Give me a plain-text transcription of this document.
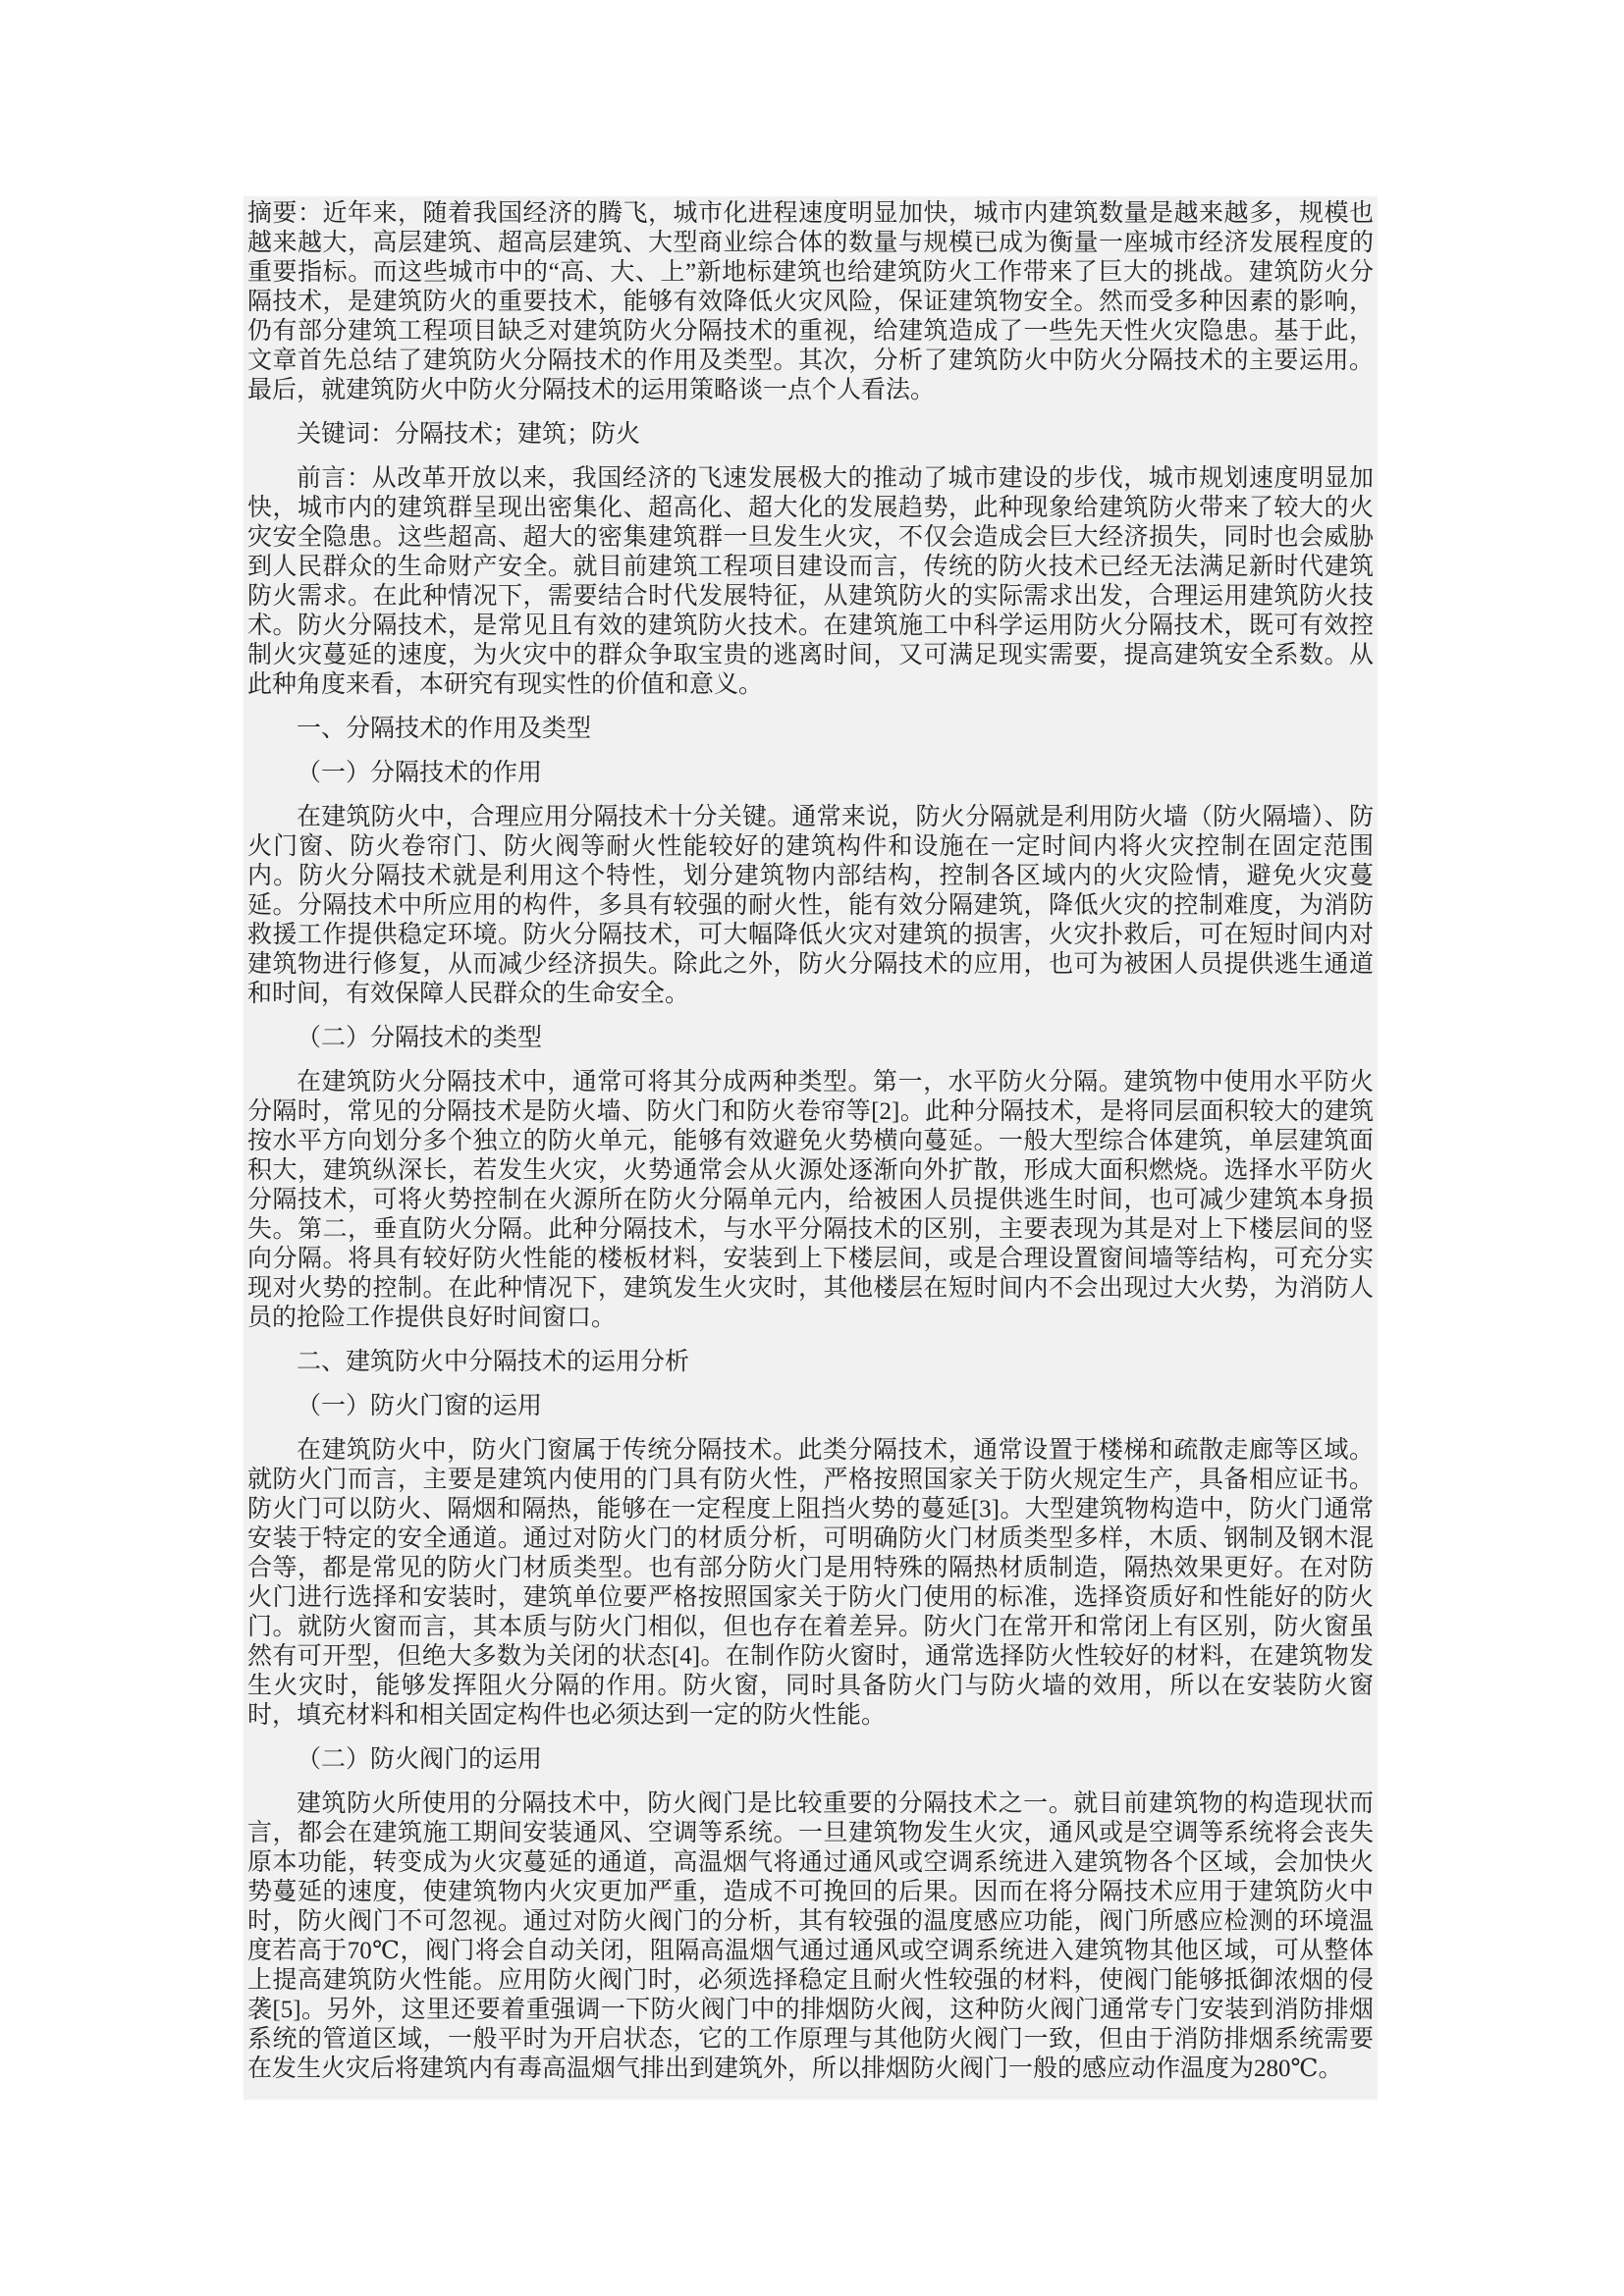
摘要：近年来，随着我国经济的腾飞，城市化进程速度明显加快，城市内建筑数量是越来越多，规模也越来越大，高层建筑、超高层建筑、大型商业综合体的数量与规模已成为衡量一座城市经济发展程度的重要指标。而这些城市中的“高、大、上”新地标建筑也给建筑防火工作带来了巨大的挑战。建筑防火分隔技术，是建筑防火的重要技术，能够有效降低火灾风险，保证建筑物安全。然而受多种因素的影响，仍有部分建筑工程项目缺乏对建筑防火分隔技术的重视，给建筑造成了一些先天性火灾隐患。基于此，文章首先总结了建筑防火分隔技术的作用及类型。其次，分析了建筑防火中防火分隔技术的主要运用。最后，就建筑防火中防火分隔技术的运用策略谈一点个人看法。

关键词：分隔技术；建筑；防火

前言：从改革开放以来，我国经济的飞速发展极大的推动了城市建设的步伐，城市规划速度明显加快，城市内的建筑群呈现出密集化、超高化、超大化的发展趋势，此种现象给建筑防火带来了较大的火灾安全隐患。这些超高、超大的密集建筑群一旦发生火灾，不仅会造成会巨大经济损失，同时也会威胁到人民群众的生命财产安全。就目前建筑工程项目建设而言，传统的防火技术已经无法满足新时代建筑防火需求。在此种情况下，需要结合时代发展特征，从建筑防火的实际需求出发，合理运用建筑防火技术。防火分隔技术，是常见且有效的建筑防火技术。在建筑施工中科学运用防火分隔技术，既可有效控制火灾蔓延的速度，为火灾中的群众争取宝贵的逃离时间，又可满足现实需要，提高建筑安全系数。从此种角度来看，本研究有现实性的价值和意义。

一、分隔技术的作用及类型

（一）分隔技术的作用

在建筑防火中，合理应用分隔技术十分关键。通常来说，防火分隔就是利用防火墙（防火隔墙）、防火门窗、防火卷帘门、防火阀等耐火性能较好的建筑构件和设施在一定时间内将火灾控制在固定范围内。防火分隔技术就是利用这个特性，划分建筑物内部结构，控制各区域内的火灾险情，避免火灾蔓延。分隔技术中所应用的构件，多具有较强的耐火性，能有效分隔建筑，降低火灾的控制难度，为消防救援工作提供稳定环境。防火分隔技术，可大幅降低火灾对建筑的损害，火灾扑救后，可在短时间内对建筑物进行修复，从而减少经济损失。除此之外，防火分隔技术的应用，也可为被困人员提供逃生通道和时间，有效保障人民群众的生命安全。

（二）分隔技术的类型

在建筑防火分隔技术中，通常可将其分成两种类型。第一，水平防火分隔。建筑物中使用水平防火分隔时，常见的分隔技术是防火墙、防火门和防火卷帘等[2]。此种分隔技术，是将同层面积较大的建筑按水平方向划分多个独立的防火单元，能够有效避免火势横向蔓延。一般大型综合体建筑，单层建筑面积大，建筑纵深长，若发生火灾，火势通常会从火源处逐渐向外扩散，形成大面积燃烧。选择水平防火分隔技术，可将火势控制在火源所在防火分隔单元内，给被困人员提供逃生时间，也可减少建筑本身损失。第二，垂直防火分隔。此种分隔技术，与水平分隔技术的区别，主要表现为其是对上下楼层间的竖向分隔。将具有较好防火性能的楼板材料，安装到上下楼层间，或是合理设置窗间墙等结构，可充分实现对火势的控制。在此种情况下，建筑发生火灾时，其他楼层在短时间内不会出现过大火势，为消防人员的抢险工作提供良好时间窗口。

二、建筑防火中分隔技术的运用分析

（一）防火门窗的运用

在建筑防火中，防火门窗属于传统分隔技术。此类分隔技术，通常设置于楼梯和疏散走廊等区域。就防火门而言，主要是建筑内使用的门具有防火性，严格按照国家关于防火规定生产，具备相应证书。防火门可以防火、隔烟和隔热，能够在一定程度上阻挡火势的蔓延[3]。大型建筑物构造中，防火门通常安装于特定的安全通道。通过对防火门的材质分析，可明确防火门材质类型多样，木质、钢制及钢木混合等，都是常见的防火门材质类型。也有部分防火门是用特殊的隔热材质制造，隔热效果更好。在对防火门进行选择和安装时，建筑单位要严格按照国家关于防火门使用的标准，选择资质好和性能好的防火门。就防火窗而言，其本质与防火门相似，但也存在着差异。防火门在常开和常闭上有区别，防火窗虽然有可开型，但绝大多数为关闭的状态[4]。在制作防火窗时，通常选择防火性较好的材料，在建筑物发生火灾时，能够发挥阻火分隔的作用。防火窗，同时具备防火门与防火墙的效用，所以在安装防火窗时，填充材料和相关固定构件也必须达到一定的防火性能。

（二）防火阀门的运用

建筑防火所使用的分隔技术中，防火阀门是比较重要的分隔技术之一。就目前建筑物的构造现状而言，都会在建筑施工期间安装通风、空调等系统。一旦建筑物发生火灾，通风或是空调等系统将会丧失原本功能，转变成为火灾蔓延的通道，高温烟气将通过通风或空调系统进入建筑物各个区域，会加快火势蔓延的速度，使建筑物内火灾更加严重，造成不可挽回的后果。因而在将分隔技术应用于建筑防火中时，防火阀门不可忽视。通过对防火阀门的分析，其有较强的温度感应功能，阀门所感应检测的环境温度若高于70℃，阀门将会自动关闭，阻隔高温烟气通过通风或空调系统进入建筑物其他区域，可从整体上提高建筑防火性能。应用防火阀门时，必须选择稳定且耐火性较强的材料，使阀门能够抵御浓烟的侵袭[5]。另外，这里还要着重强调一下防火阀门中的排烟防火阀，这种防火阀门通常专门安装到消防排烟系统的管道区域，一般平时为开启状态，它的工作原理与其他防火阀门一致，但由于消防排烟系统需要在发生火灾后将建筑内有毒高温烟气排出到建筑外，所以排烟防火阀门一般的感应动作温度为280℃。
